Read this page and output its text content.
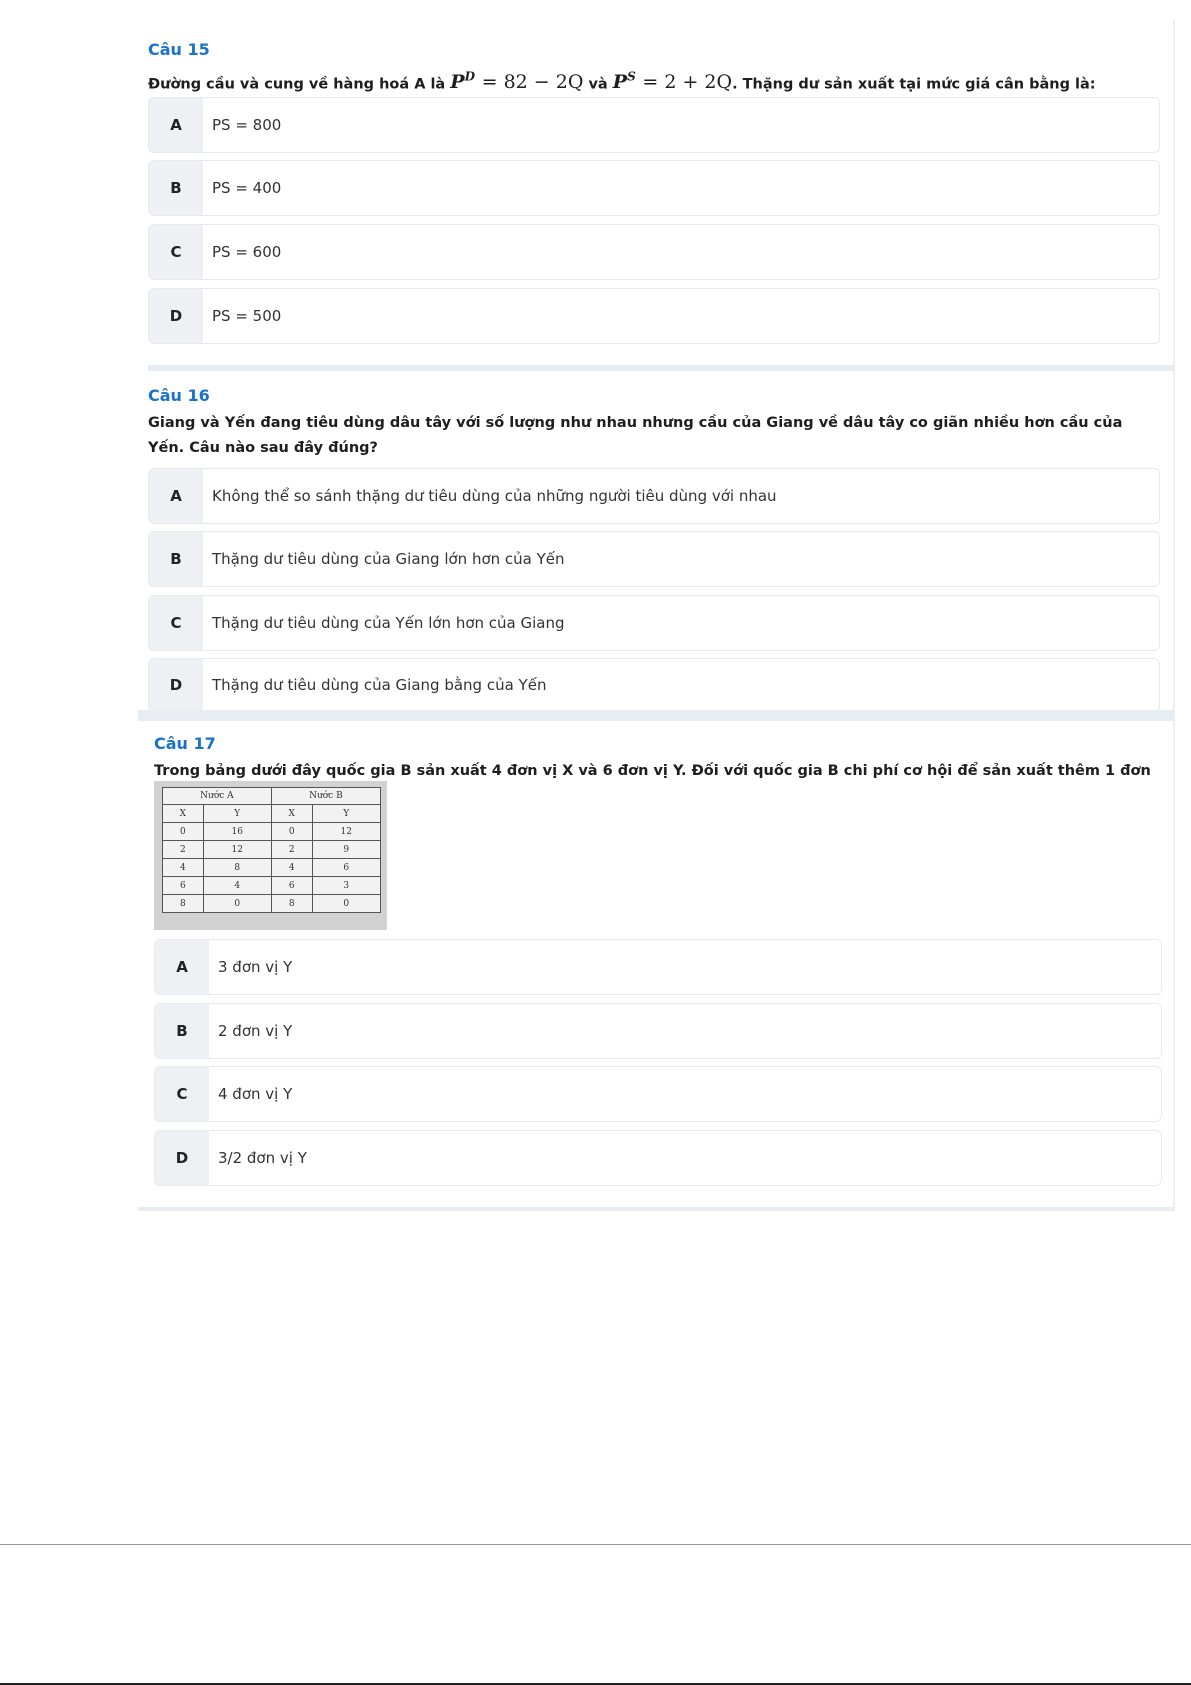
Câu 15
Đường cầu và cung về hàng hoá A là $P^D = 82 - 2Q$ và $P^S = 2 + 2Q$. Thặng dư sản xuất tại mức giá cân bằng là:
A	PS = 800
B	PS = 400
C	PS = 600
D	PS = 500
Câu 16
Giang và Yến đang tiêu dùng dâu tây với số lượng như nhau nhưng cầu của Giang về dâu tây co giãn nhiều hơn cầu của Yến. Câu nào sau đây đúng?
A	Không thể so sánh thặng dư tiêu dùng của những người tiêu dùng với nhau
B	Thặng dư tiêu dùng của Giang lớn hơn của Yến
C	Thặng dư tiêu dùng của Yến lớn hơn của Giang
D	Thặng dư tiêu dùng của Giang bằng của Yến
Câu 17
Trong bảng dưới đây quốc gia B sản xuất 4 đơn vị X và 6 đơn vị Y. Đối với quốc gia B chi phí cơ hội để sản xuất thêm 1 đơn
Nước A		Nước B	
X	Y	X	Y
0	16	0	12
2	12	2	9
4	8	4	6
6	4	6	3
8	0	8	0
A	3 đơn vị Y
B	2 đơn vị Y
C	4 đơn vị Y
D	3/2 đơn vị Y
